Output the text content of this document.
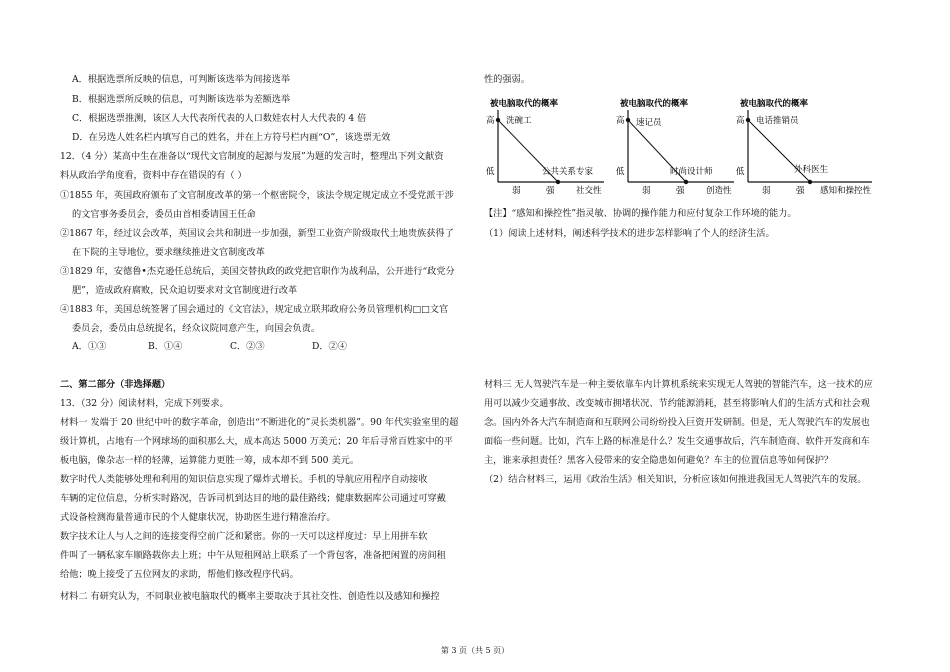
A．根据选票所反映的信息，可判断该选举为间接选举
B．根据选票所反映的信息，可判断该选举为差额选举
C．根据选票推测，该区人大代表所代表的人口数娃农村人大代表的 4 倍
D．在另选人姓名栏内填写自己的姓名，并在上方符号栏内画“O”，该选票无效
12．（4 分）某高中生在准备以“现代文官制度的起源与发展”为题的发言时，整理出下列文献资
料从政治学角度看，资料中存在错误的有（ ）
①1855 年，英国政府颁布了文官制度改革的第一个枢密院令，该法令规定规定成立不受党派干涉
的文官事务委员会，委员由首相委请国王任命
②1867 年，经过议会改革，英国议会共和制进一步加强，新型工业资产阶级取代土地贵族获得了
在下院的主导地位，要求继续推进文官制度改革
③1829 年，安德鲁•杰克逊任总统后，美国交替执政的政党把官职作为战利品，公开进行“政党分
肥”，造成政府腐败，民众迫切要求对文官制度进行改革
④1883 年，美国总统签署了国会通过的《文官法》，规定成立联邦政府公务员管理机构□□文官
委员会，委员由总统提名，经众议院同意产生，向国会负责。
A．①③	B．①④	C．②③	D．②④
二、第二部分（非选择题）
13．（32 分）阅读材料，完成下列要求。
材料一 发端于 20 世纪中叶的数字革命，创造出“不断进化的”灵长类机器”。90 年代实验室里的超
级计算机，占地有一个网球场的面积那么大，成本高达 5000 万美元；20 年后寻常百姓家中的平
板电脑，像杂志一样的轻薄，运算能力更胜一筹，成本却不到 500 美元。
数字时代人类能够处理和利用的知识信息实现了爆炸式增长。手机的导航应用程序自动接收
车辆的定位信息，分析实时路况，告诉司机到达目的地的最佳路线；健康数据库公司通过可穿戴
式设备检测海量普通市民的个人健康状况，协助医生进行精准治疗。
数字技术让人与人之间的连接变得空前广泛和紧密。你的一天可以这样度过：早上用拼车软
件叫了一辆私家车顺路载你去上班；中午从短租网站上联系了一个背包客，准备把闲置的房间租
给他；晚上接受了五位网友的求助，帮他们修改程序代码。
材料二 有研究认为，不同职业被电脑取代的概率主要取决于其社交性、创造性以及感知和操控
性的强弱。
被电脑取代的概率
高
低
弱	强	社交性
洗碗工
公共关系专家
被电脑取代的概率
高
低
弱	强	创造性
速记员
时尚设计师
被电脑取代的概率
高
低
弱	强 感知和操控性
电话推销员
外科医生
【注】“感知和操控性”指灵敏、协调的操作能力和应付复杂工作环境的能力。
（1）阅读上述材料，阐述科学技术的进步怎样影响了个人的经济生活。
材料三 无人驾驶汽车是一种主要依靠车内计算机系统来实现无人驾驶的智能汽车，这一技术的应
用可以减少交通事故、改变城市拥堵状况、节约能源消耗，甚至将影响人们的生活方式和社会观
念。国内外各大汽车制造商和互联网公司纷纷投入巨资开发研制。但是，无人驾驶汽车的发展也
面临一些问题。比如，汽车上路的标准是什么？发生交通事故后，汽车制造商、软件开发商和车
主，谁来承担责任？黑客入侵带来的安全隐患如何避免？车主的位置信息等如何保护？
（2）结合材料三，运用《政治生活》相关知识，分析应该如何推进我国无人驾驶汽车的发展。
第 3 页（共 5 页）
